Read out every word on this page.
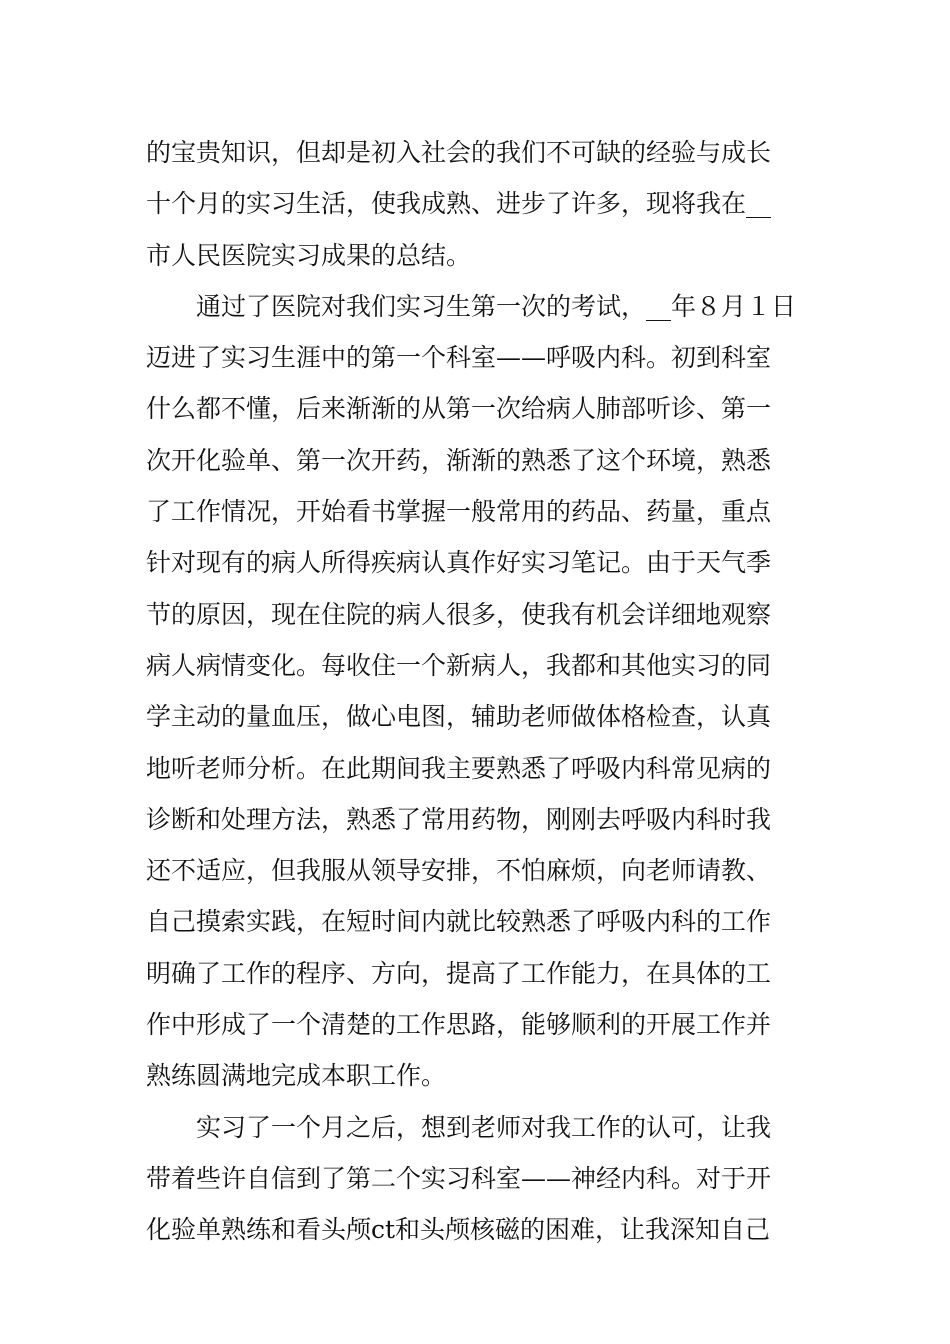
的宝贵知识，但却是初入社会的我们不可缺的经验与成长
十个月的实习生活，使我成熟、进步了许多，现将我在__
市人民医院实习成果的总结。
通过了医院对我们实习生第一次的考试，__年８月１日
迈进了实习生涯中的第一个科室——呼吸内科。初到科室
什么都不懂，后来渐渐的从第一次给病人肺部听诊、第一
次开化验单、第一次开药，渐渐的熟悉了这个环境，熟悉
了工作情况，开始看书掌握一般常用的药品、药量，重点
针对现有的病人所得疾病认真作好实习笔记。由于天气季
节的原因，现在住院的病人很多，使我有机会详细地观察
病人病情变化。每收住一个新病人，我都和其他实习的同
学主动的量血压，做心电图，辅助老师做体格检查，认真
地听老师分析。在此期间我主要熟悉了呼吸内科常见病的
诊断和处理方法，熟悉了常用药物，刚刚去呼吸内科时我
还不适应，但我服从领导安排，不怕麻烦，向老师请教、
自己摸索实践，在短时间内就比较熟悉了呼吸内科的工作
明确了工作的程序、方向，提高了工作能力，在具体的工
作中形成了一个清楚的工作思路，能够顺利的开展工作并
熟练圆满地完成本职工作。
实习了一个月之后，想到老师对我工作的认可，让我
带着些许自信到了第二个实习科室——神经内科。对于开
化验单熟练和看头颅ct和头颅核磁的困难，让我深知自己
